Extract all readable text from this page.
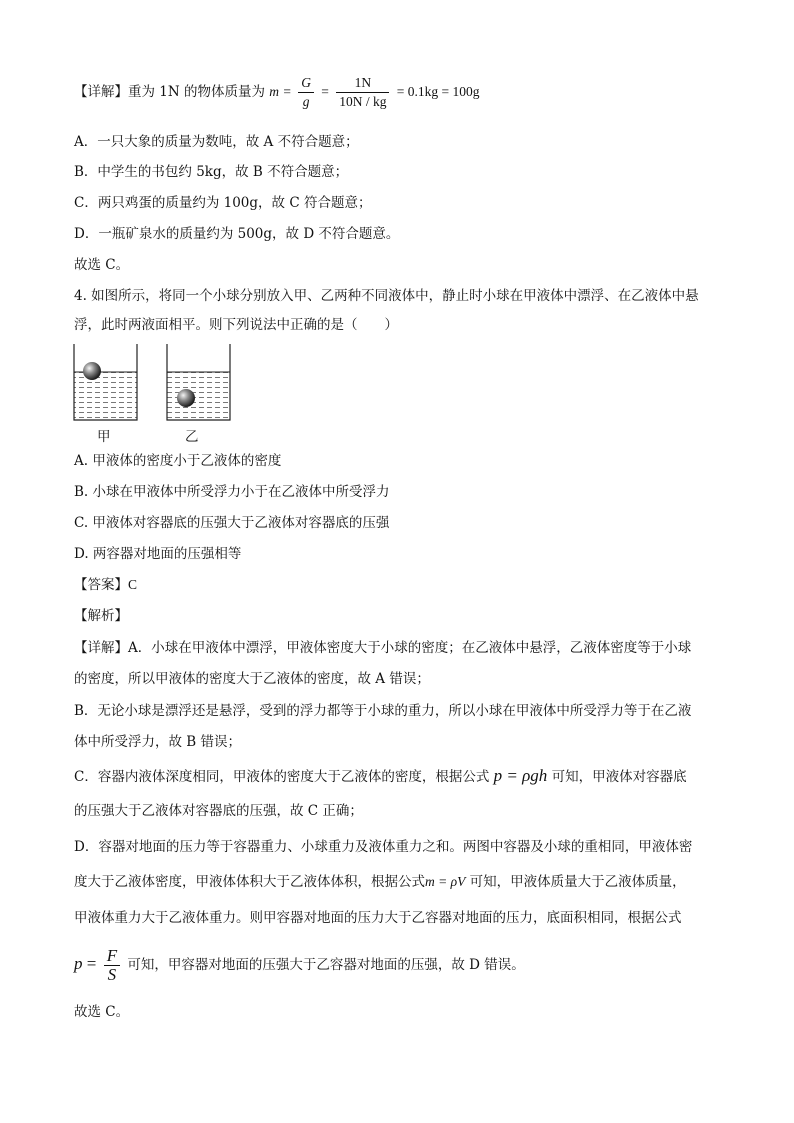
【详解】重为 1N 的物体质量为 $m = \frac{G}{g} = \frac{1N}{10N / kg} = 0.1kg = 100g$
A．一只大象的质量为数吨，故 A 不符合题意；
B．中学生的书包约 5kg，故 B 不符合题意；
C．两只鸡蛋的质量约为 100g，故 C 符合题意；
D．一瓶矿泉水的质量约为 500g，故 D 不符合题意。
故选 C。
4. 如图所示，将同一个小球分别放入甲、乙两种不同液体中，静止时小球在甲液体中漂浮、在乙液体中悬
浮，此时两液面相平。则下列说法中正确的是（　　）
甲	乙
A. 甲液体的密度小于乙液体的密度
B. 小球在甲液体中所受浮力小于在乙液体中所受浮力
C. 甲液体对容器底的压强大于乙液体对容器底的压强
D. 两容器对地面的压强相等
【答案】C
【解析】
【详解】A．小球在甲液体中漂浮，甲液体密度大于小球的密度；在乙液体中悬浮，乙液体密度等于小球
的密度，所以甲液体的密度大于乙液体的密度，故 A 错误；
B．无论小球是漂浮还是悬浮，受到的浮力都等于小球的重力，所以小球在甲液体中所受浮力等于在乙液
体中所受浮力，故 B 错误；
C．容器内液体深度相同，甲液体的密度大于乙液体的密度，根据公式 p = ρgh 可知，甲液体对容器底
的压强大于乙液体对容器底的压强，故 C 正确；
D．容器对地面的压力等于容器重力、小球重力及液体重力之和。两图中容器及小球的重相同，甲液体密
度大于乙液体密度，甲液体体积大于乙液体体积，根据公式m = ρV 可知，甲液体质量大于乙液体质量，
甲液体重力大于乙液体重力。则甲容器对地面的压力大于乙容器对地面的压力，底面积相同，根据公式
$p = \frac{F}{S}$ 可知，甲容器对地面的压强大于乙容器对地面的压强，故 D 错误。
故选 C。
